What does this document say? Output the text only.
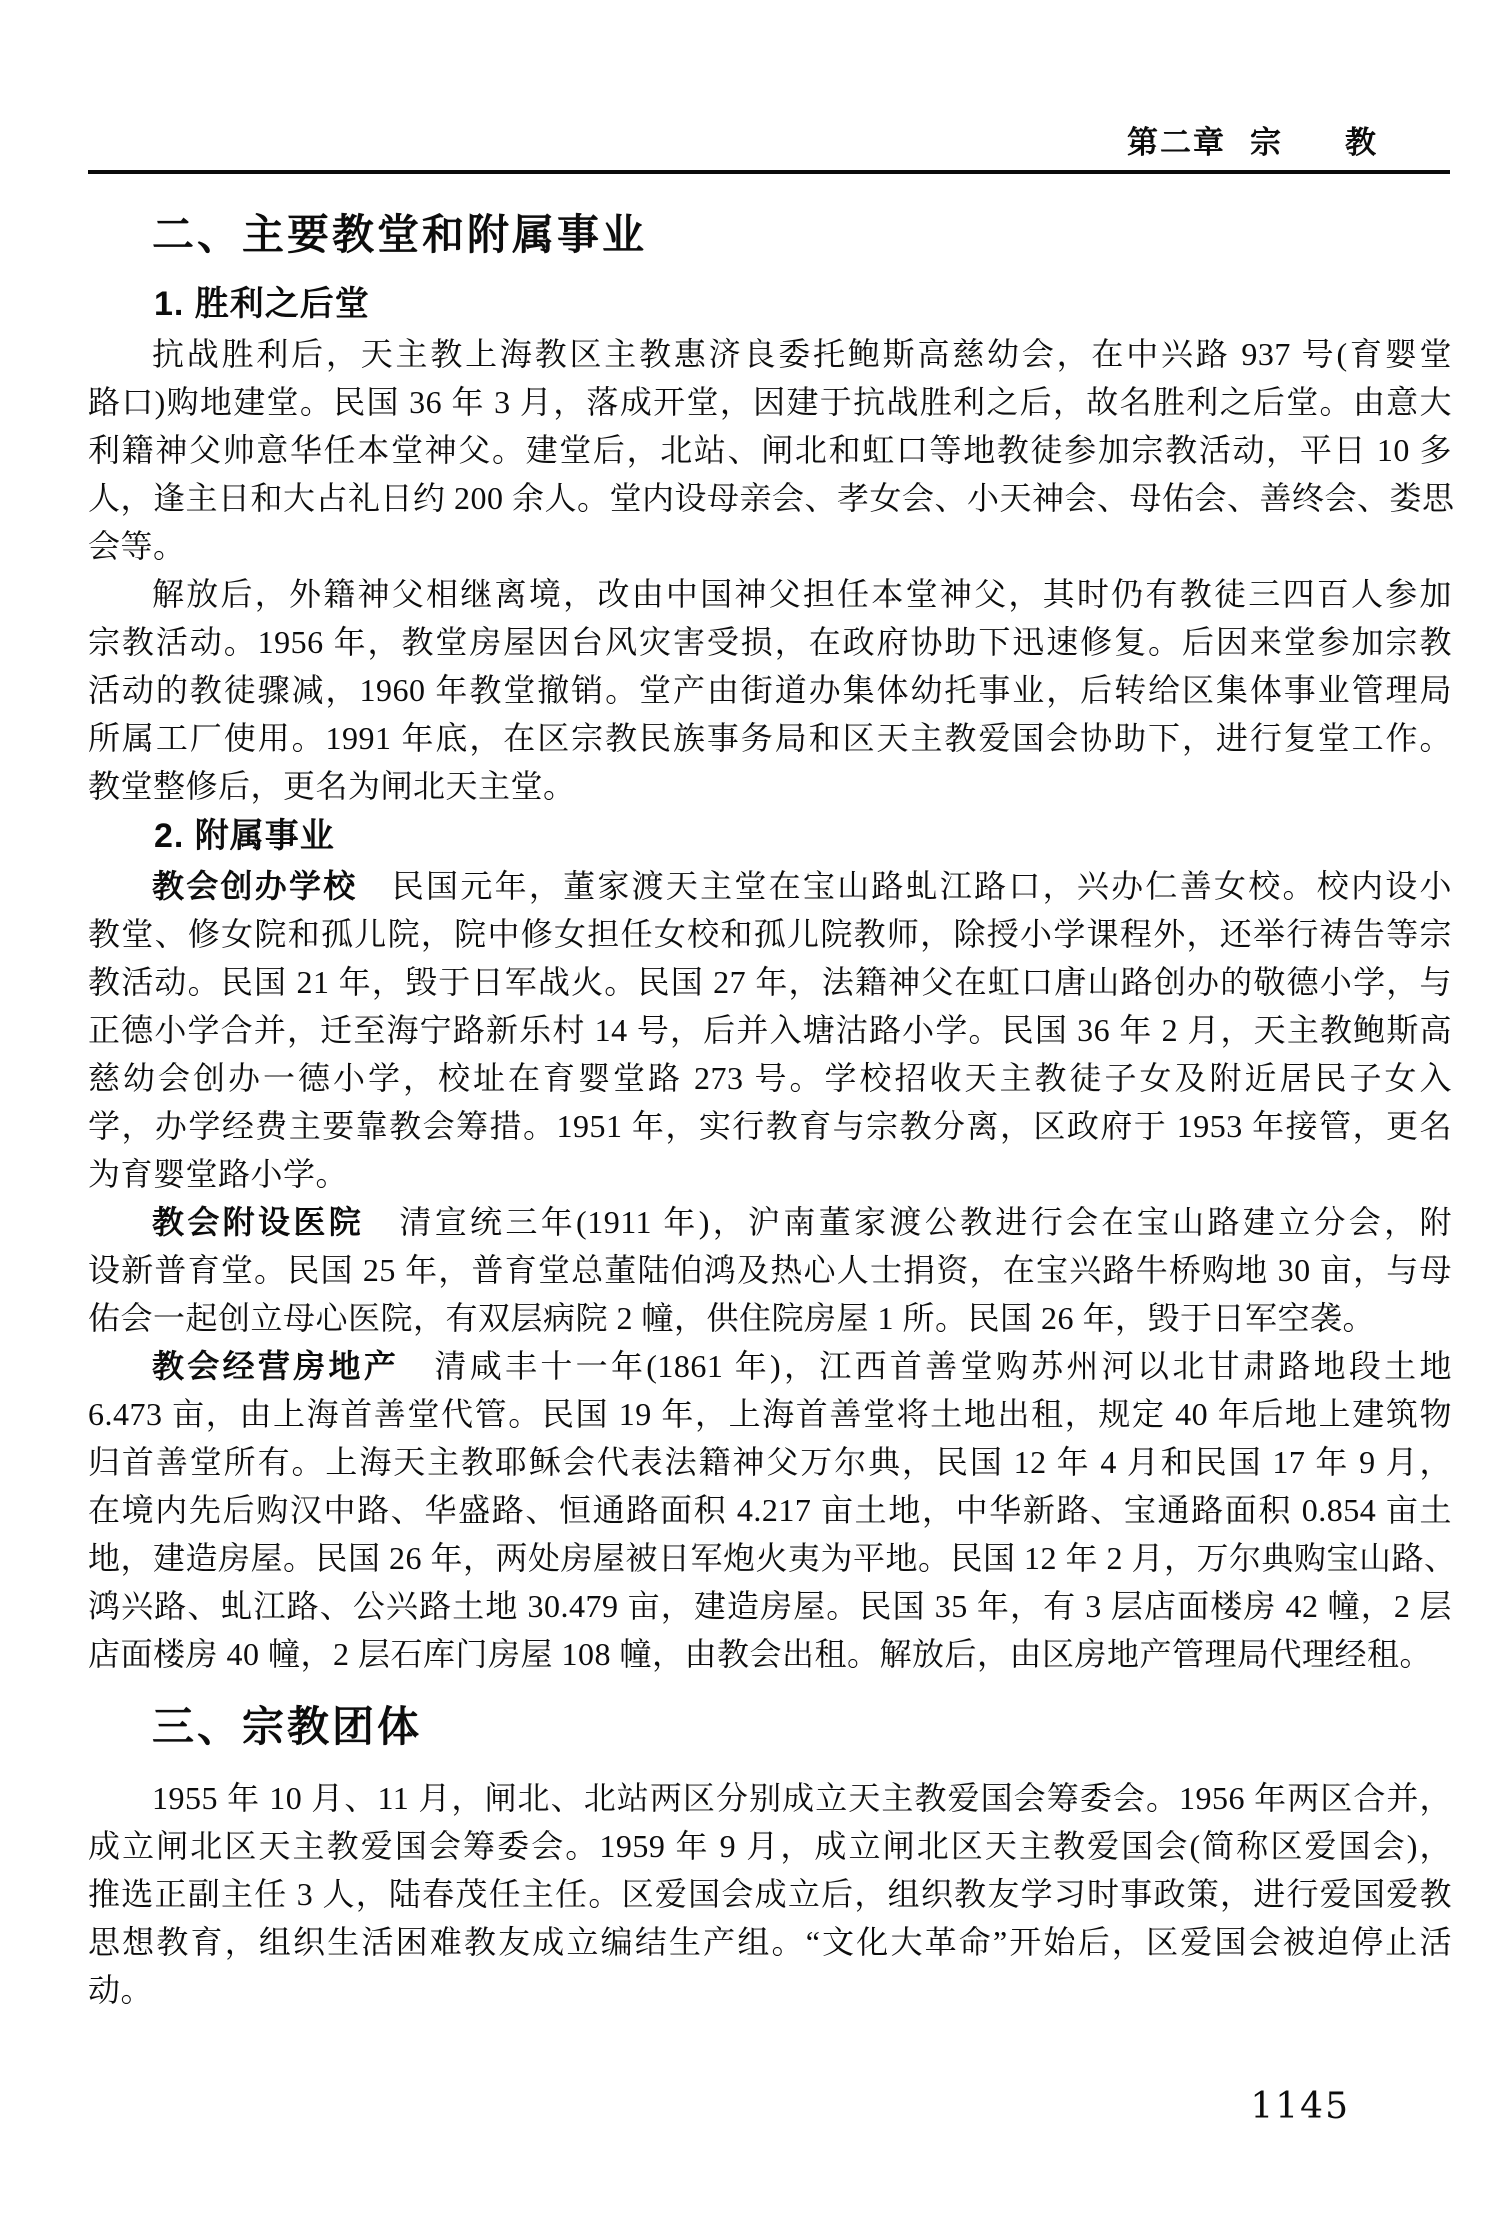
第二章 宗 教
二、主要教堂和附属事业
1. 胜利之后堂
抗战胜利后，天主教上海教区主教惠济良委托鲍斯高慈幼会，在中兴路 937 号(育婴堂
路口)购地建堂。民国 36 年 3 月，落成开堂，因建于抗战胜利之后，故名胜利之后堂。由意大
利籍神父帅意华任本堂神父。建堂后，北站、闸北和虹口等地教徒参加宗教活动，平日 10 多
人，逢主日和大占礼日约 200 余人。堂内设母亲会、孝女会、小天神会、母佑会、善终会、娄思
会等。
解放后，外籍神父相继离境，改由中国神父担任本堂神父，其时仍有教徒三四百人参加
宗教活动。1956 年，教堂房屋因台风灾害受损，在政府协助下迅速修复。后因来堂参加宗教
活动的教徒骤减，1960 年教堂撤销。堂产由街道办集体幼托事业，后转给区集体事业管理局
所属工厂使用。1991 年底，在区宗教民族事务局和区天主教爱国会协助下，进行复堂工作。
教堂整修后，更名为闸北天主堂。
2. 附属事业
教会创办学校　民国元年，董家渡天主堂在宝山路虬江路口，兴办仁善女校。校内设小
教堂、修女院和孤儿院，院中修女担任女校和孤儿院教师，除授小学课程外，还举行祷告等宗
教活动。民国 21 年，毁于日军战火。民国 27 年，法籍神父在虹口唐山路创办的敬德小学，与
正德小学合并，迁至海宁路新乐村 14 号，后并入塘沽路小学。民国 36 年 2 月，天主教鲍斯高
慈幼会创办一德小学，校址在育婴堂路 273 号。学校招收天主教徒子女及附近居民子女入
学，办学经费主要靠教会筹措。1951 年，实行教育与宗教分离，区政府于 1953 年接管，更名
为育婴堂路小学。
教会附设医院　清宣统三年(1911 年)，沪南董家渡公教进行会在宝山路建立分会，附
设新普育堂。民国 25 年，普育堂总董陆伯鸿及热心人士捐资，在宝兴路牛桥购地 30 亩，与母
佑会一起创立母心医院，有双层病院 2 幢，供住院房屋 1 所。民国 26 年，毁于日军空袭。
教会经营房地产　清咸丰十一年(1861 年)，江西首善堂购苏州河以北甘肃路地段土地
6.473 亩，由上海首善堂代管。民国 19 年，上海首善堂将土地出租，规定 40 年后地上建筑物
归首善堂所有。上海天主教耶稣会代表法籍神父万尔典，民国 12 年 4 月和民国 17 年 9 月，
在境内先后购汉中路、华盛路、恒通路面积 4.217 亩土地，中华新路、宝通路面积 0.854 亩土
地，建造房屋。民国 26 年，两处房屋被日军炮火夷为平地。民国 12 年 2 月，万尔典购宝山路、
鸿兴路、虬江路、公兴路土地 30.479 亩，建造房屋。民国 35 年，有 3 层店面楼房 42 幢，2 层
店面楼房 40 幢，2 层石库门房屋 108 幢，由教会出租。解放后，由区房地产管理局代理经租。
三、宗教团体
1955 年 10 月、11 月，闸北、北站两区分别成立天主教爱国会筹委会。1956 年两区合并，
成立闸北区天主教爱国会筹委会。1959 年 9 月，成立闸北区天主教爱国会(简称区爱国会)，
推选正副主任 3 人，陆春茂任主任。区爱国会成立后，组织教友学习时事政策，进行爱国爱教
思想教育，组织生活困难教友成立编结生产组。“文化大革命”开始后，区爱国会被迫停止活
动。
1145
